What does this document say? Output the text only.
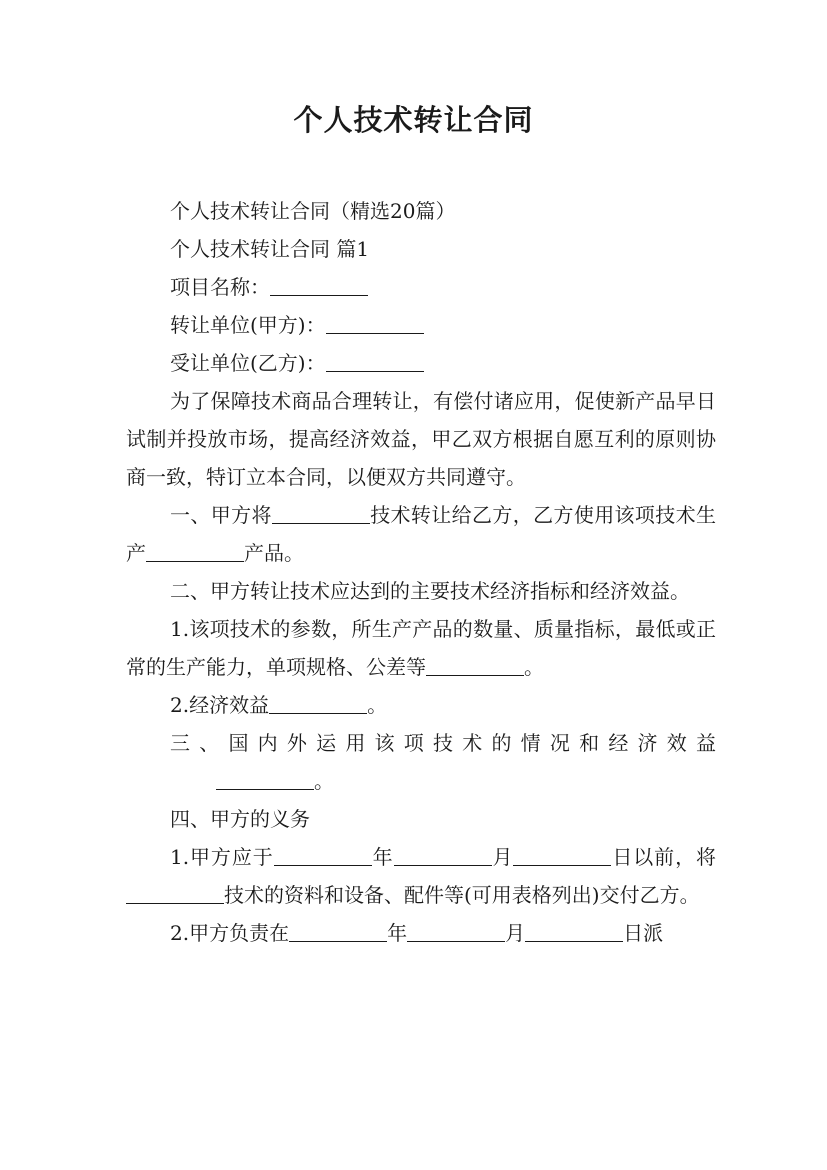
个人技术转让合同

个人技术转让合同（精选20篇）

个人技术转让合同 篇1

项目名称：

转让单位(甲方)：

受让单位(乙方)：

为了保障技术商品合理转让，有偿付诸应用，促使新产品早日试制并投放市场，提高经济效益，甲乙双方根据自愿互利的原则协商一致，特订立本合同，以便双方共同遵守。

一、甲方将	技术转让给乙方，乙方使用该项技术生产	产品。

二、甲方转让技术应达到的主要技术经济指标和经济效益。

1.该项技术的参数，所生产产品的数量、质量指标，最低或正常的生产能力，单项规格、公差等	。

2.经济效益	。

三、国内外运用该项技术的情况和经济效益。

四、甲方的义务

1.甲方应于	年	月	日以前，将技术的资料和设备、配件等(可用表格列出)交付乙方。

2.甲方负责在	年	月	日派
